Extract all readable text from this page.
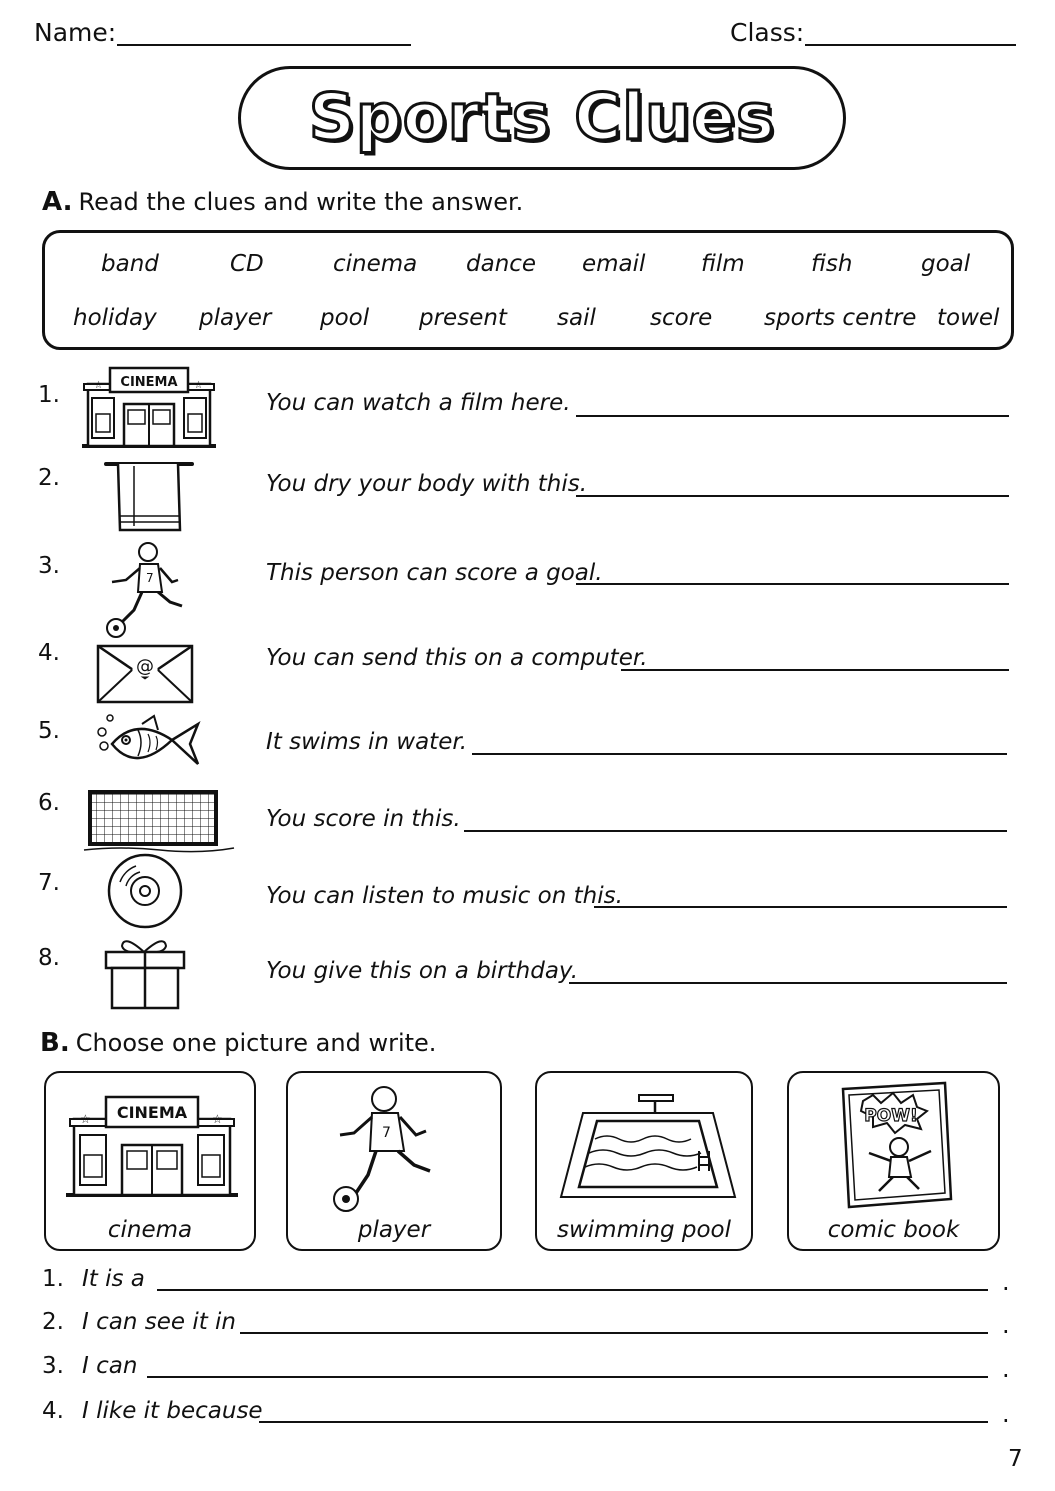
Name:	Class:
Sports Clues
A. Read the clues and write the answer.
band	CD	cinema dance email film	fish	goal
holiday player pool present sail score sports centre towel
1.	CINEMA
☆	☆
You can watch a film here.
2.	You dry your body with this.
3.	7	This person can score a goal.
4.
@	You can send this on a computer.
5.	It swims in water.
6.
You score in this.
7.	You can listen to music on this.
8.	You give this on a birthday.
B. Choose one picture and write.
CINEMA
☆	☆
cinema
7
player	swimming pool
POW!
comic book
1. It is a	.
2. I can see it in	.
3. I can	.
4. I like it because	.
7
